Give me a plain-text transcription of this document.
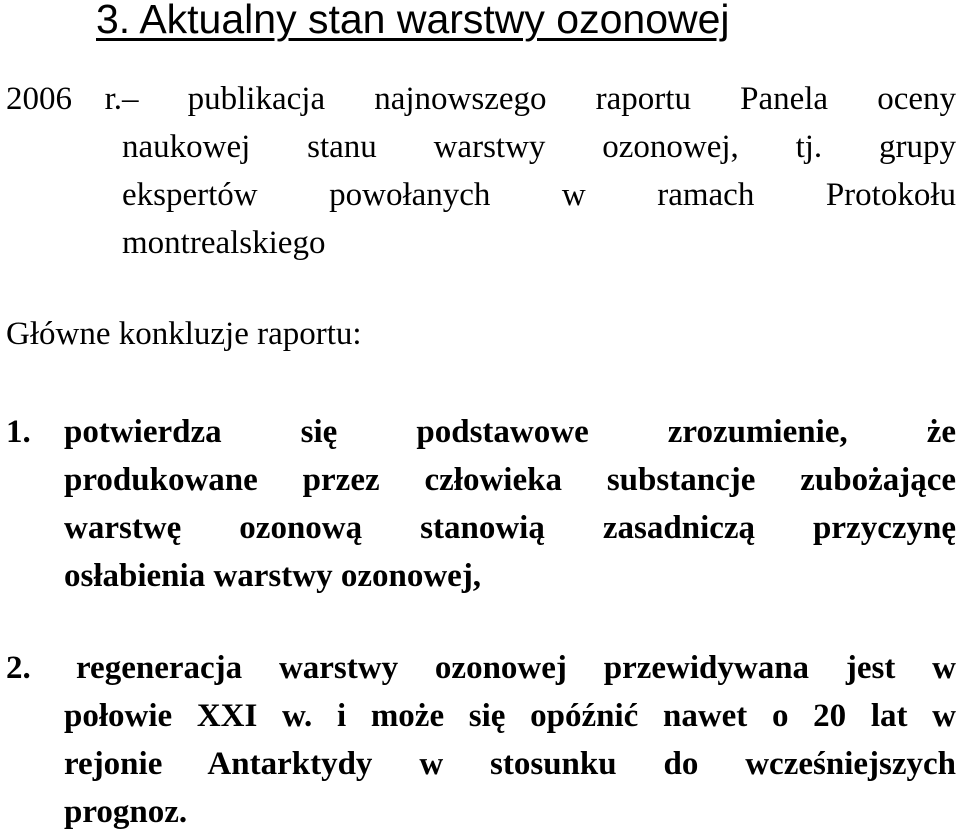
3. Aktualny stan warstwy ozonowej
2006 r. – publikacja najnowszego raportu Panela oceny
naukowej stanu warstwy ozonowej, tj. grupy
ekspertów powołanych w ramach Protokołu
montrealskiego
Główne konkluzje raportu:
1.	potwierdza się podstawowe zrozumienie, że
produkowane przez człowieka substancje zubożające
warstwę ozonową stanowią zasadniczą przyczynę
osłabienia warstwy ozonowej,
2.	regeneracja warstwy ozonowej przewidywana jest w
połowie XXI w. i może się opóźnić nawet o 20 lat w
rejonie Antarktydy w stosunku do wcześniejszych
prognoz.
